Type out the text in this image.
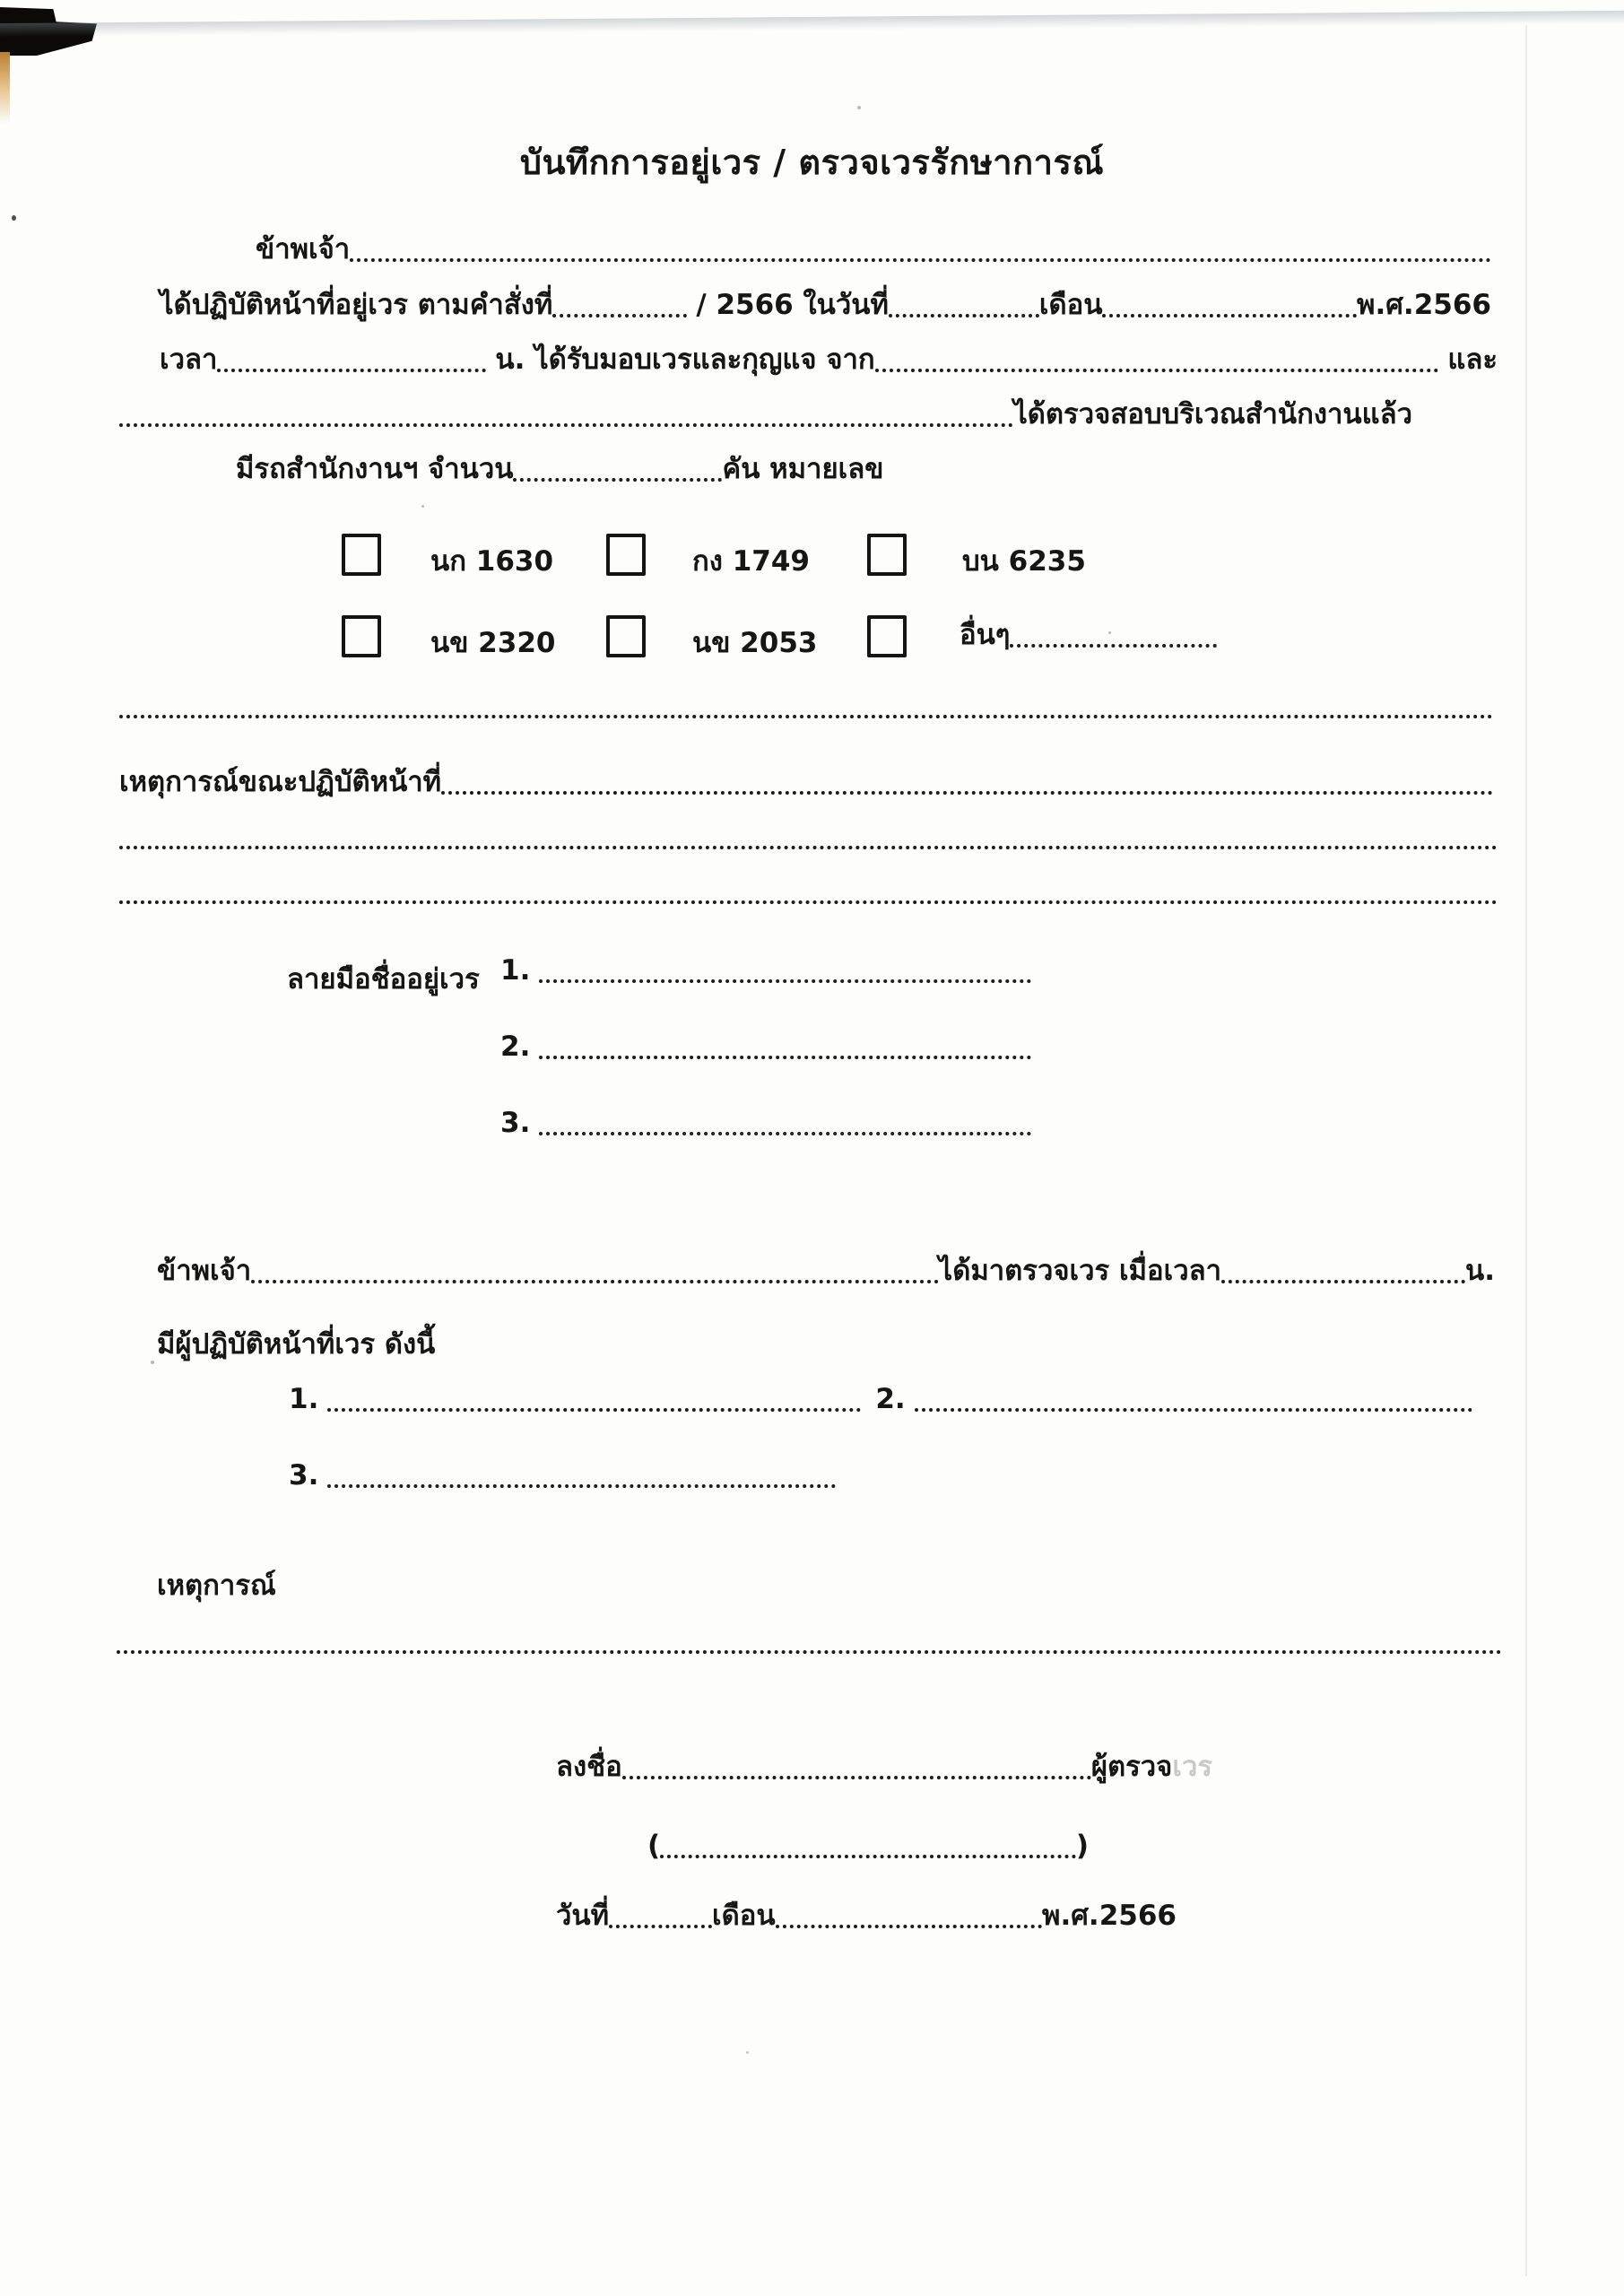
บันทึกการอยู่เวร / ตรวจเวรรักษาการณ์
ข้าพเจ้า
ได้ปฏิบัติหน้าที่อยู่เวร ตามคำสั่งที่	/ 2566 ในวันที่	เดือน	พ.ศ.2566
เวลา	น. ได้รับมอบเวรและกุญแจ จาก	และ
ได้ตรวจสอบบริเวณสำนักงานแล้ว
มีรถสำนักงานฯ จำนวน	คัน หมายเลข
นก 1630	กง 1749	บน 6235
นข 2320	นข 2053	อื่นๆ
เหตุการณ์ขณะปฏิบัติหน้าที่
ลายมือชื่ออยู่เวร 1.
2.
3.
ข้าพเจ้า	ได้มาตรวจเวร เมื่อเวลา	น.
มีผู้ปฏิบัติหน้าที่เวร ดังนี้
1.	2.
3.
เหตุการณ์
ลงชื่อ	ผู้ตรวจ เวร
(	)
วันที่	เดือน	พ.ศ.2566
